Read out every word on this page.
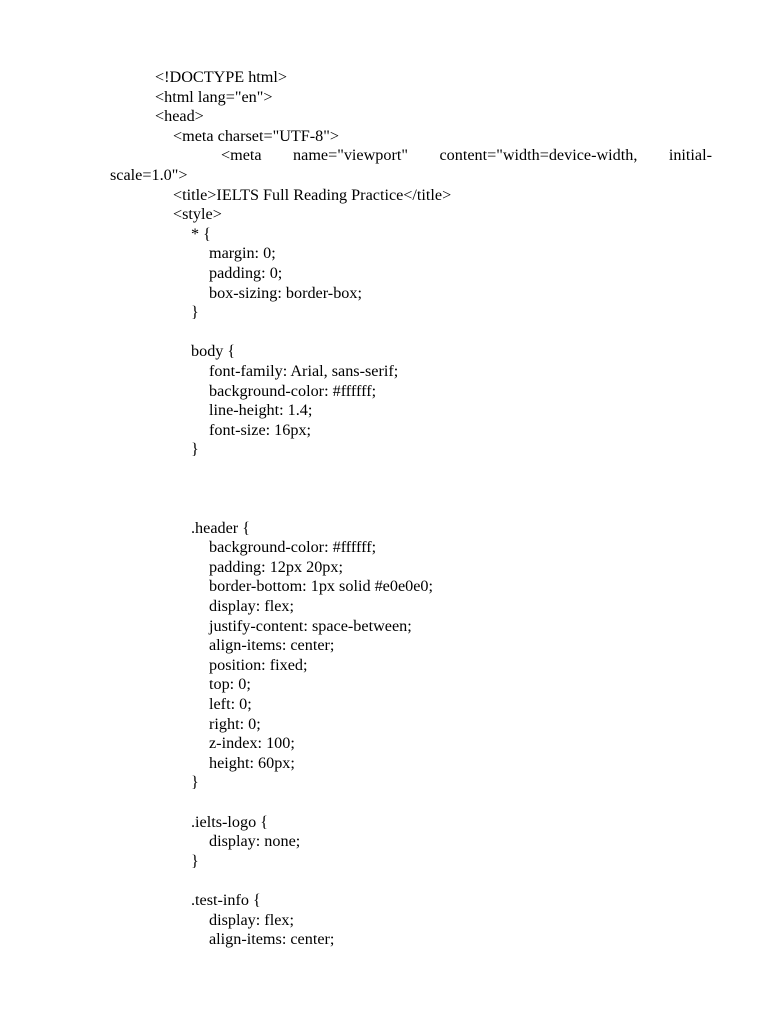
<!DOCTYPE html>
<html lang="en">
<head>
<meta charset="UTF-8">
<meta name="viewport" content="width=device-width, initial-
scale=1.0">
<title>IELTS Full Reading Practice</title>
<style>
* {
margin: 0;
padding: 0;
box-sizing: border-box;
}
body {
font-family: Arial, sans-serif;
background-color: #ffffff;
line-height: 1.4;
font-size: 16px;
}
.header {
background-color: #ffffff;
padding: 12px 20px;
border-bottom: 1px solid #e0e0e0;
display: flex;
justify-content: space-between;
align-items: center;
position: fixed;
top: 0;
left: 0;
right: 0;
z-index: 100;
height: 60px;
}
.ielts-logo {
display: none;
}
.test-info {
display: flex;
align-items: center;
